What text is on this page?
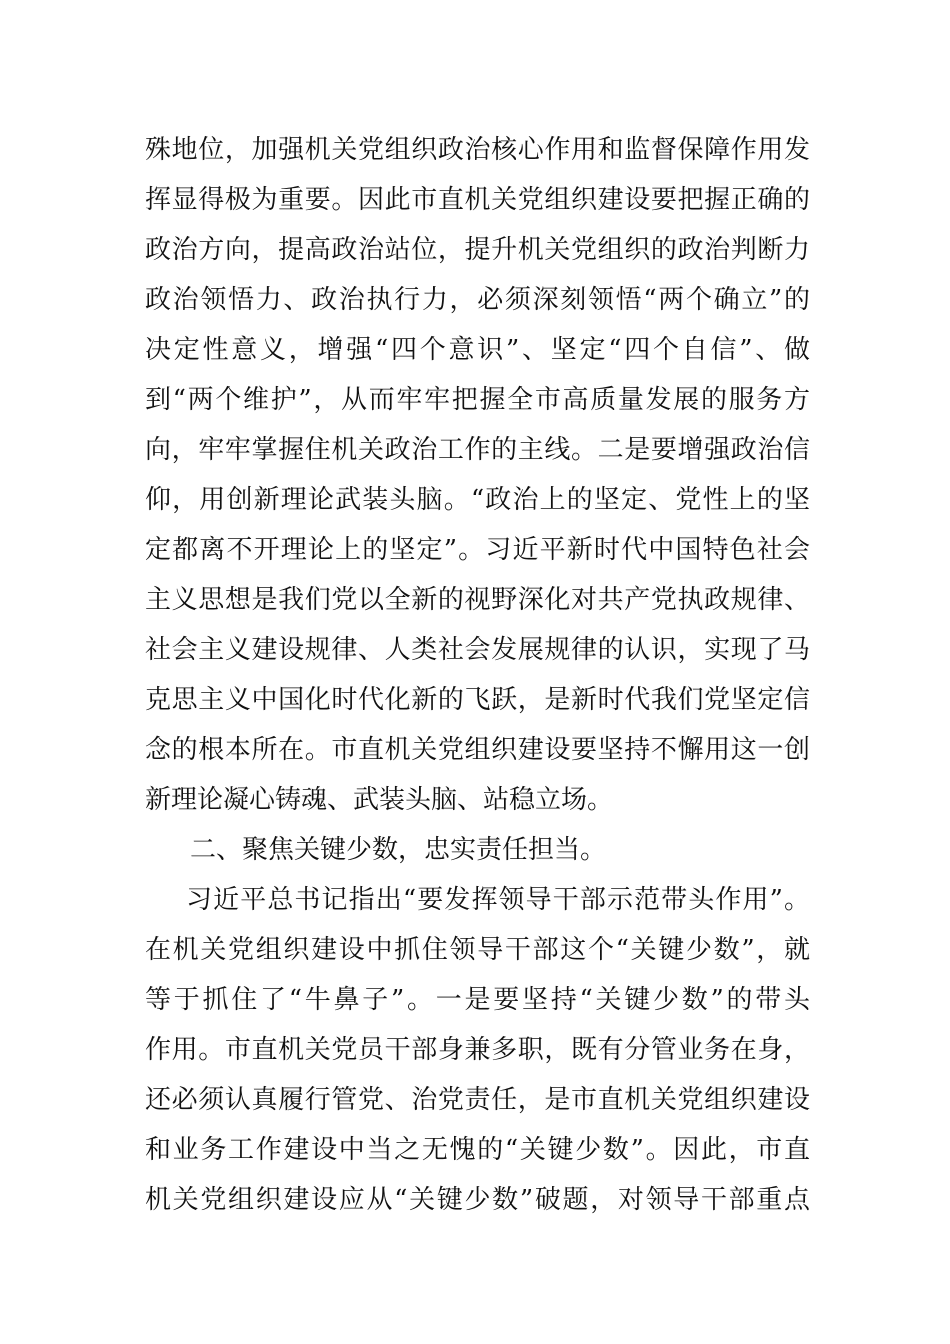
殊地位，加强机关党组织政治核心作用和监督保障作用发
挥显得极为重要。因此市直机关党组织建设要把握正确的
政治方向，提高政治站位，提升机关党组织的政治判断力
政治领悟力、政治执行力，必须深刻领悟“两个确立”的
决定性意义，增强“四个意识”、坚定“四个自信”、做
到“两个维护”，从而牢牢把握全市高质量发展的服务方
向，牢牢掌握住机关政治工作的主线。二是要增强政治信
仰，用创新理论武装头脑。“政治上的坚定、党性上的坚
定都离不开理论上的坚定”。习近平新时代中国特色社会
主义思想是我们党以全新的视野深化对共产党执政规律、
社会主义建设规律、人类社会发展规律的认识，实现了马
克思主义中国化时代化新的飞跃，是新时代我们党坚定信
念的根本所在。市直机关党组织建设要坚持不懈用这一创
新理论凝心铸魂、武装头脑、站稳立场。
二、聚焦关键少数，忠实责任担当。
习近平总书记指出“要发挥领导干部示范带头作用”。
在机关党组织建设中抓住领导干部这个“关键少数”，就
等于抓住了“牛鼻子”。一是要坚持“关键少数”的带头
作用。市直机关党员干部身兼多职，既有分管业务在身，
还必须认真履行管党、治党责任，是市直机关党组织建设
和业务工作建设中当之无愧的“关键少数”。因此，市直
机关党组织建设应从“关键少数”破题，对领导干部重点
